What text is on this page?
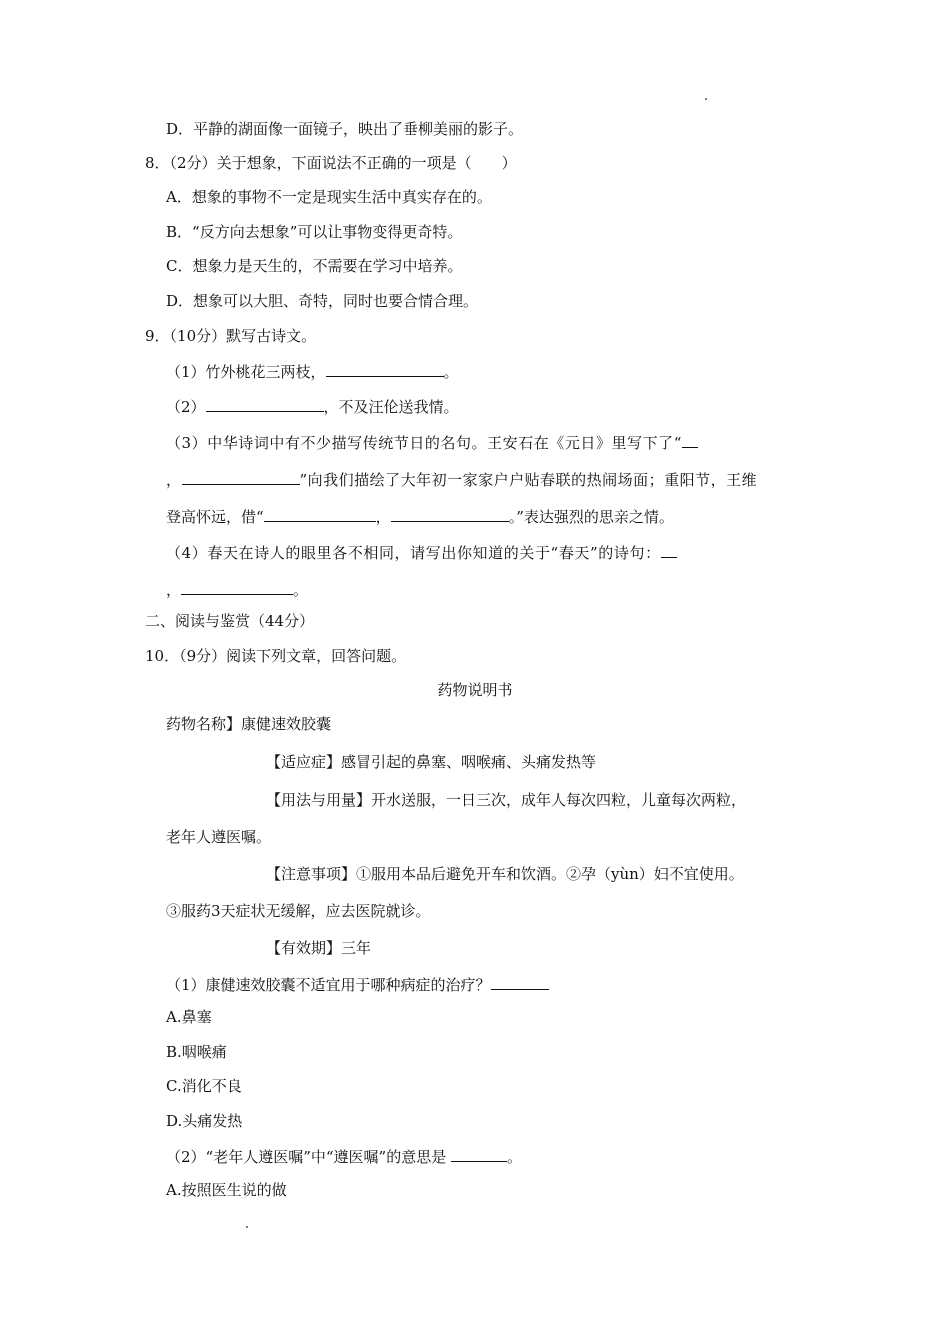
D．平静的湖面像一面镜子，映出了垂柳美丽的影子。
8．（2分）关于想象，下面说法不正确的一项是（　　）
A．想象的事物不一定是现实生活中真实存在的。
B．“反方向去想象”可以让事物变得更奇特。
C．想象力是天生的，不需要在学习中培养。
D．想象可以大胆、奇特，同时也要合情合理。
9．（10分）默写古诗文。
（1）竹外桃花三两枝，	。
（2）	，不及汪伦送我情。
（3）中华诗词中有不少描写传统节日的名句。王安石在《元日》里写下了“
，	”向我们描绘了大年初一家家户户贴春联的热闹场面；重阳节，王维
登高怀远，借“	，	。”表达强烈的思亲之情。
（4）春天在诗人的眼里各不相同，请写出你知道的关于“春天”的诗句：
，	。
二、阅读与鉴赏（44分）
10．（9分）阅读下列文章，回答问题。
药物说明书
药物名称】康健速效胶囊
【适应症】感冒引起的鼻塞、咽喉痛、头痛发热等
【用法与用量】开水送服，一日三次，成年人每次四粒，儿童每次两粒，
老年人遵医嘱。
【注意事项】①服用本品后避免开车和饮酒。②孕（yùn）妇不宜使用。
③服药3天症状无缓解，应去医院就诊。
【有效期】三年
（1）康健速效胶囊不适宜用于哪种病症的治疗？
A.鼻塞
B.咽喉痛
C.消化不良
D.头痛发热
（2）“老年人遵医嘱”中“遵医嘱”的意思是	。
A.按照医生说的做
